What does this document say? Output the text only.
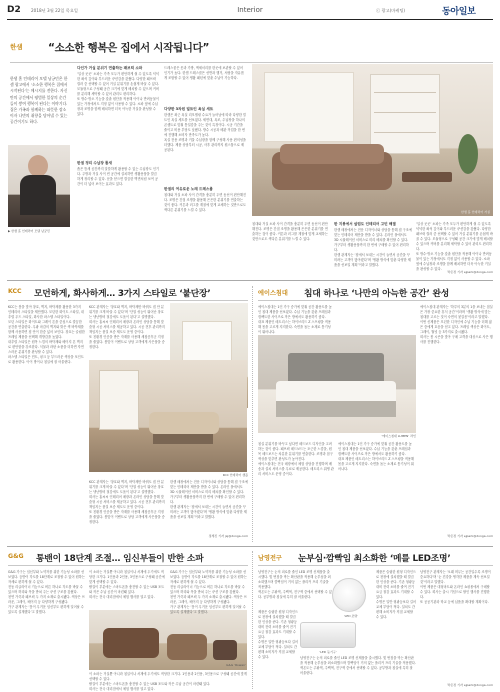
D2 2018년 3월 22일 목요일	Interior	ⓒ 광고(마케팅)	동아일보
한샘 “소소한 행복은 집에서 시작됩니다”
한샘 홈 인테리어 모델 남궁민은 한샘 광고에서 ‘소소한 행복은 집에서 시작된다’는 메시지를 전한다. 자신만의 공간에서 평범한 일상의 순간들이 쌓여 행복이 된다는 이야기다. 집은 가족과 함께하는 따뜻한 장소이자 나만의 취향을 담아낼 수 있는 공간이기도 하다.
▶ 한샘 홈 인테리어 모델 남궁민
다인가 거실 분위기 연출하는 패브릭 소파
‘일상 곳곳’ 소파는 가족 모두가 편안하게 쉴 수 있도록 넉넉한 좌석 깊이와 부드러운 쿠션감을 갖췄다. 다양한 패브릭 컬러 중 선택할 수 있어 거실 분위기를 손쉽게 바꿀 수 있다. 모듈형으로 구성돼 공간 크기에 맞게 배치할 수 있으며 커버를 분리해 세탁할 수 있어 관리도 편리하다.
또 방수·방오 기능을 갖춘 원단을 적용해 아이나 반려동물이 있는 가정에서도 걱정 없이 사용할 수 있다. 소파 옆에 수납장과 조명을 함께 배치하면 더욱 아늑한 거실을 완성할 수 있다.
한샘 정리 수납장 틈새
좁은 틈새 공간까지 알뜰하게 활용할 수 있는 수납장도 인기다. 주방과 거실 사이 빈 공간에 설치하면 생활용품을 깔끔하게 정리할 수 있다. 문을 닫으면 깔끔한 벽면처럼 보여 공간이 더 넓어 보이는 효과도 있다.
드레스룸은 옷과 가방, 액세서리를 한곳에 보관할 수 있어 인기가 높다. 한샘 드레스룸은 선반과 행거, 서랍을 자유롭게 조합할 수 있어 생활 패턴에 맞춘 수납이 가능하다.
다양한 3차원 빌트인 욕실 세트
한샘은 최근 욕실 리모델링 수요가 늘어남에 따라 다양한 빌트인 욕실 세트를 선보였다. 세면대, 욕조, 수납장을 하나의 콘셉트로 맞춰 통일감을 주는 것이 특징이다. 시공 기간을 줄이고 비용 부담도 낮췄다. 방수 시공과 배관 작업을 한 번에 진행해 소비자 만족도가 높다.
욕실 전용 조명과 거울 수납장을 함께 구성해 사용 편의성을 더했다. 제품 상담부터 시공, 사후 관리까지 원스톱으로 제공된다.
한샘의 여유로운 노래 드레스룸
침대와 거실 소파 사이 간격을 충분히 두면 동선이 편안해진다. 조명은 간접 조명을 활용해 은은한 분위기를 연출하는 것이 좋다. 커튼과 러그를 계절에 맞게 교체하는 것만으로도 색다른 분위기를 느낄 수 있다.	한샘 홈 인테리어 거실
침대와 거실 소파 사이 간격을 충분히 두면 동선이 편안해진다. 조명은 간접 조명을 활용해 은은한 분위기를 연출하는 것이 좋다. 커튼과 러그를 계절에 맞게 교체하는 것만으로도 색다른 분위기를 느낄 수 있다.
한 지붕에서 살림도 인테리어 고민 해결
한샘 매장에서는 전문 디자이너와 상담을 통해 집 구조에 맞는 인테리어 제안을 받을 수 있다. 온라인 몰에서도 3D 시뮬레이션 서비스로 미리 배치를 확인할 수 있다. 가구부터 생활용품까지 한 번에 구매할 수 있어 편리하다.
한샘 관계자는 ‘집에서 보내는 시간이 늘면서 공간을 꾸미려는 고객이 많아졌다’며 ‘생활 방식에 맞춘 다양한 제품을 선보일 계획’이라고 말했다.
‘일상 곳곳’ 소파는 가족 모두가 편안하게 쉴 수 있도록 넉넉한 좌석 깊이와 부드러운 쿠션감을 갖췄다. 다양한 패브릭 컬러 중 선택할 수 있어 거실 분위기를 손쉽게 바꿀 수 있다. 모듈형으로 구성돼 공간 크기에 맞게 배치할 수 있으며 커버를 분리해 세탁할 수 있어 관리도 편리하다.
또 방수·방오 기능을 갖춘 원단을 적용해 아이나 반려동물이 있는 가정에서도 걱정 없이 사용할 수 있다. 소파 옆에 수납장과 조명을 함께 배치하면 더욱 아늑한 거실을 완성할 수 있다.
박은정 기자 ejpark@donga.com
KCC 모던하게, 화사하게… 3가지 스타일로 ‘붙단장’
KCC는 봄을 맞아 창호, 벽지, 바닥재를 활용한 3가지 인테리어 스타일을 제안했다. 모던한 화이트 스타일, 내추럴 우드 스타일, 화사한 파스텔 스타일이다.
모던 스타일은 화이트와 그레이 톤을 중심으로 깔끔한 공간을 연출한다. 무광 마감의 벽지와 밝은 색 바닥재를 함께 사용하면 집 안이 한층 넓어 보인다. 창호는 슬림한 프레임 제품을 선택해 개방감을 높였다.
내추럴 스타일은 원목 느낌의 바닥재와 베이지 톤 벽지로 편안함을 강조한다. 식물과 라탄 소품을 더하면 자연스러운 분위기를 완성할 수 있다.
파스텔 스타일은 민트, 핑크 등 부드러운 색상을 포인트로 활용한다. 아이 방이나 침실에 잘 어울린다.
KCC 관계자는 ‘창호와 벽지, 바닥재만 바꿔도 집 안 분위기를 크게 바꿀 수 있다’며 ‘단열 성능이 뛰어난 창호는 냉난방비 절감에도 도움이 된다’고 설명했다.
회사는 홈씨씨 인테리어 매장과 온라인 상담을 통해 맞춤형 시공 서비스를 제공하고 있다. 시공 전후 관리까지 책임지는 품질 보증 제도도 운영 중이다.
또 친환경 인증을 받은 자재를 사용해 새집증후군 걱정을 줄였다. 봄맞이 이벤트로 상담 고객에게 사은품을 증정한다.
KCC 인테리어 샘플
KCC 관계자는 ‘창호와 벽지, 바닥재만 바꿔도 집 안 분위기를 크게 바꿀 수 있다’며 ‘단열 성능이 뛰어난 창호는 냉난방비 절감에도 도움이 된다’고 설명했다.
회사는 홈씨씨 인테리어 매장과 온라인 상담을 통해 맞춤형 시공 서비스를 제공하고 있다. 시공 전후 관리까지 책임지는 품질 보증 제도도 운영 중이다.
또 친환경 인증을 받은 자재를 사용해 새집증후군 걱정을 줄였다. 봄맞이 이벤트로 상담 고객에게 사은품을 증정한다.
한샘 매장에서는 전문 디자이너와 상담을 통해 집 구조에 맞는 인테리어 제안을 받을 수 있다. 온라인 몰에서도 3D 시뮬레이션 서비스로 미리 배치를 확인할 수 있다. 가구부터 생활용품까지 한 번에 구매할 수 있어 편리하다.
한샘 관계자는 ‘집에서 보내는 시간이 늘면서 공간을 꾸미려는 고객이 많아졌다’며 ‘생활 방식에 맞춘 다양한 제품을 선보일 계획’이라고 말했다.
정세진 기자 jsj@donga.com
에이스침대 침대 하나로 ‘나만의 아늑한 공간’ 완성
에이스침대는 1인 가구 증가에 맞춰 공간 활용도를 높인 침대 제품을 선보였다. 수납 기능을 갖춘 프레임과 컴팩트한 사이즈로 작은 방에서도 활용하기 좋다.
대표 제품인 매트리스는 하이브리드 Z 스프링을 적용해 몸을 고르게 지지한다. 숙면을 돕는 소재로 통기성이 뛰어나다.
‘에이스침대 LUMEN’ 라인
침실 분위기를 바꾸고 싶다면 헤드보드 디자인을 고려하는 것이 좋다. 패브릭 헤드보드는 포근한 느낌을, 원목 헤드보드는 차분한 분위기를 연출한다. 조명과 침구 색상을 맞추면 완성도가 높아진다.
에이스침대는 전국 매장에서 체험 상담을 진행하며 배송과 설치 서비스를 무료로 제공한다. 매트리스 위생 관리 서비스도 운영 중이다.
에이스침대는 1인 가구 증가에 맞춰 공간 활용도를 높인 침대 제품을 선보였다. 수납 기능을 갖춘 프레임과 컴팩트한 사이즈로 작은 방에서도 활용하기 좋다.
대표 제품인 매트리스는 하이브리드 Z 스프링을 적용해 몸을 고르게 지지한다. 숙면을 돕는 소재로 통기성이 뛰어나다.
에이스침대 관계자는 ‘하루의 3분의 1을 보내는 침실은 가장 중요한 휴식 공간’이라며 ‘생활 방식에 맞는 침대를 고르는 것이 숙면의 첫걸음’이라고 말했다.
이번 신제품은 모던한 디자인에 수납 기능을 더해 젊은 층에게 호응을 얻고 있다. 프레임 색상은 화이트, 그레이, 월넛 등 3가지로 출시됐다.
회사는 봄 시즌을 맞아 구매 고객을 대상으로 사은 행사를 진행한다.
박은정 기자 ejpark@donga.com
G&G 통밴이 18단계 조절… 임신부들이 반한 소파
G&G 가구는 임신부와 노약자를 위한 기능성 소파를 선보였다. 등받이 각도를 18단계로 조절할 수 있어 원하는 자세로 편하게 쉴 수 있다.
전동 리클라이너 기능으로 버튼 하나로 각도를 바꿀 수 있으며 허리와 목을 받쳐 주는 쿠션 구조를 갖췄다.
천연 가죽과 패브릭 두 가지 소재로 출시됐다. 색상은 브라운, 그레이, 베이지 등 다양하게 구성됐다.
가구 관계자는 ‘몸이 무거운 임신부도 편하게 일어날 수 있도록 설계했다’고 말했다.
이 소파는 거실뿐 아니라 침실이나 서재에 두기에도 적당한 크기다. 1인용과 2인용, 3인용으로 구성돼 공간에 맞게 선택할 수 있다.
팔걸이 부분에는 스마트폰을 충전할 수 있는 USB 포트와 작은 수납 공간이 마련돼 있다.
회사는 전국 대리점에서 체험 행사를 열고 있다.
G&G ‘Rowan’
이 소파는 거실뿐 아니라 침실이나 서재에 두기에도 적당한 크기다. 1인용과 2인용, 3인용으로 구성돼 공간에 맞게 선택할 수 있다.
팔걸이 부분에는 스마트폰을 충전할 수 있는 USB 포트와 작은 수납 공간이 마련돼 있다.
회사는 전국 대리점에서 체험 행사를 열고 있다.
G&G 가구는 임신부와 노약자를 위한 기능성 소파를 선보였다. 등받이 각도를 18단계로 조절할 수 있어 원하는 자세로 편하게 쉴 수 있다.
전동 리클라이너 기능으로 버튼 하나로 각도를 바꿀 수 있으며 허리와 목을 받쳐 주는 쿠션 구조를 갖췄다.
천연 가죽과 패브릭 두 가지 소재로 출시됐다. 색상은 브라운, 그레이, 베이지 등 다양하게 구성됐다.
가구 관계자는 ‘몸이 무거운 임신부도 편하게 일어날 수 있도록 설계했다’고 말했다.
남영전구 눈부심·깜빡임 최소화한 ‘메를 LED조명’
남영전구는 눈의 피로를 줄인 LED 조명 신제품을 출시했다. 빛 번짐을 막는 확산판을 적용해 눈부심을 최소화했으며 깜빡임이 거의 없는 플리커 프리 기술을 적용했다.
색온도는 주광색, 주백색, 전구색 중에서 선택할 수 있다. 공부방과 침실에 특히 잘 어울린다.
‘LED 조명’
‘LED 등기구’
제품은 슬림한 원형 디자인으로 천장에 설치했을 때 깔끔한 인상을 준다. 기존 형광등 대비 전력 소비를 줄여 전기 요금 절감 효과도 기대할 수 있다.
수명은 일반 형광등보다 길어 교체 부담이 적다. 설치도 간편해 소비자가 직접 교체할 수 있다.
제품은 슬림한 원형 디자인으로 천장에 설치했을 때 깔끔한 인상을 준다. 기존 형광등 대비 전력 소비를 줄여 전기 요금 절감 효과도 기대할 수 있다.
수명은 일반 형광등보다 길어 교체 부담이 적다. 설치도 간편해 소비자가 직접 교체할 수 있다.
남영전구는 눈의 피로를 줄인 LED 조명 신제품을 출시했다. 빛 번짐을 막는 확산판을 적용해 눈부심을 최소화했으며 깜빡임이 거의 없는 플리커 프리 기술을 적용했다.
색온도는 주광색, 주백색, 전구색 중에서 선택할 수 있다. 공부방과 침실에 특히 잘 어울린다.
남영전구 관계자는 ‘오래 머무는 공간일수록 조명이 중요하다’며 ‘눈 건강을 생각한 제품을 계속 선보일 것’이라고 말했다.
이번 제품은 대형마트와 온라인 쇼핑몰에서 구매할 수 있다. 회사는 출시 기념으로 할인 행사를 진행한다.
또 공공기관과 학교 등에 납품을 확대할 계획이다.
박은정 기자 ejpark@donga.com
